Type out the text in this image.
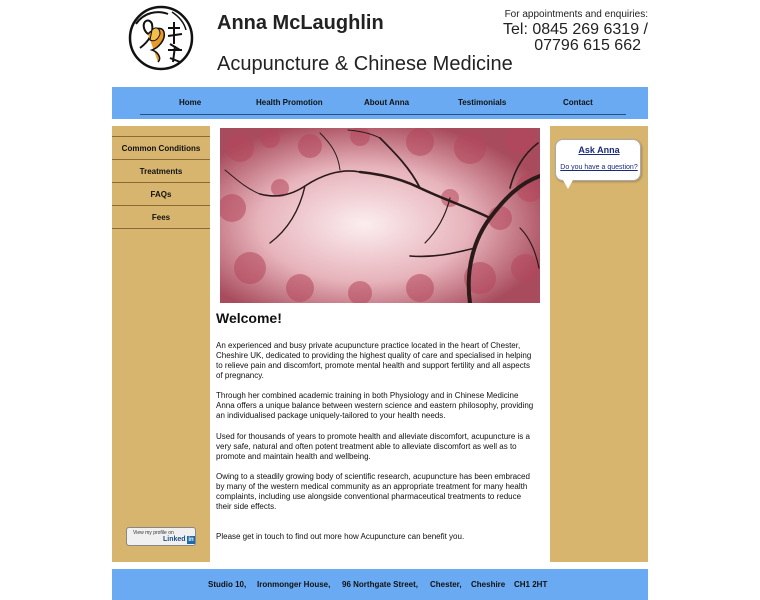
Anna McLaughlin
Acupuncture & Chinese Medicine
For appointments and enquiries:
Tel: 0845 269 6319 /
07796 615 662
Home	Health Promotion	About Anna	Testimonials	Contact
Common Conditions
Treatments
FAQs
Fees
View my profile on
Linked in
Welcome!

An experienced and busy private acupuncture practice located in the heart of Chester, Cheshire UK, dedicated to providing the highest quality of care and specialised in helping to relieve pain and discomfort, promote mental health and support fertility and all aspects of pregnancy.

Through her combined academic training in both Physiology and in Chinese Medicine Anna offers a unique balance between western science and eastern philosophy, providing an individualised package uniquely-tailored to your health needs.

Used for thousands of years to promote health and alleviate discomfort, acupuncture is a very safe, natural and often potent treatment able to alleviate discomfort as well as to promote and maintain health and wellbeing.

Owing to a steadily growing body of scientific research, acupuncture has been embraced by many of the western medical community as an appropriate treatment for many health complaints, including use alongside conventional pharmaceutical treatments to reduce their side effects.

Please get in touch to find out more how Acupuncture can benefit you.

Ask Anna
Do you have a question?
Studio 10, Ironmonger House, 96 Northgate Street, Chester, Cheshire CH1 2HT
